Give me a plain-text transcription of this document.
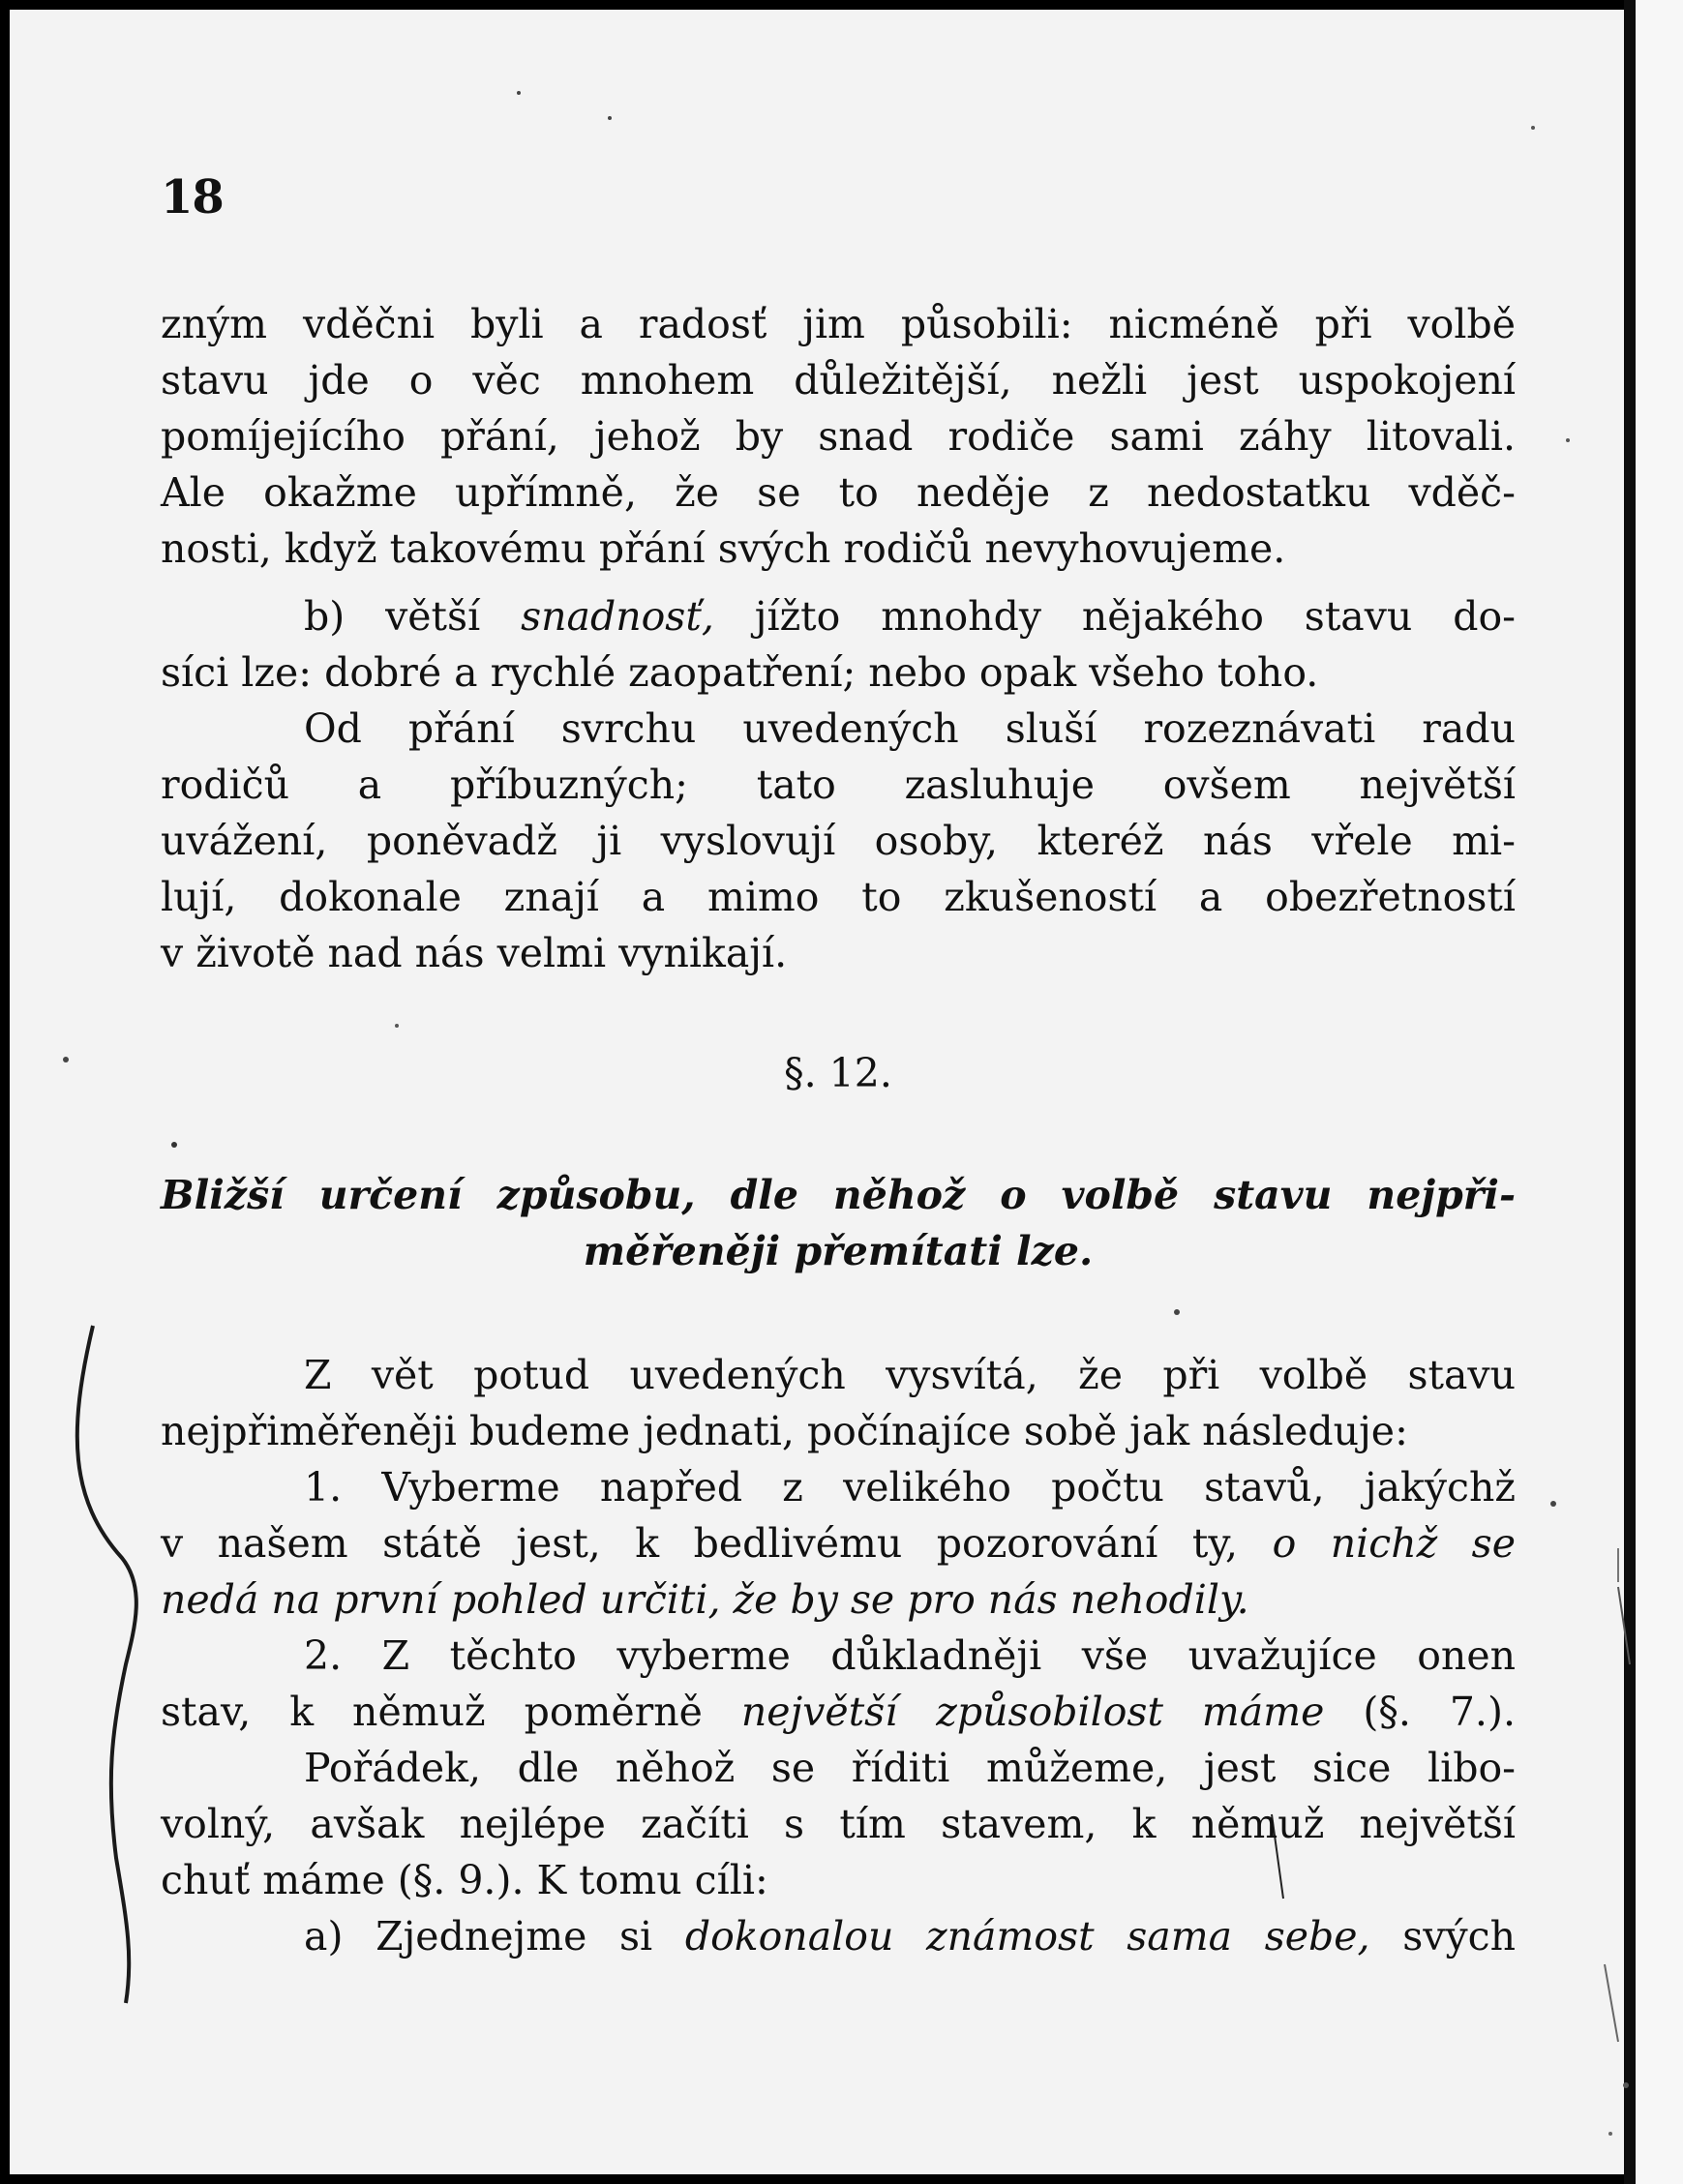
18
zným vděčni byli a radosť jim působili: nicméně při volbě
stavu jde o věc mnohem důležitější, nežli jest uspokojení
pomíjejícího přání, jehož by snad rodiče sami záhy litovali.
Ale okažme upřímně, že se to neděje z nedostatku vděč-
nosti, když takovému přání svých rodičů nevyhovujeme.
b) větší snadnosť, jížto mnohdy nějakého stavu do-
síci lze: dobré a rychlé zaopatření; nebo opak všeho toho.
Od přání svrchu uvedených sluší rozeznávati radu
rodičů a příbuzných; tato zasluhuje ovšem největší
uvážení, poněvadž ji vyslovují osoby, kteréž nás vřele mi-
lují, dokonale znají a mimo to zkušeností a obezřetností
v životě nad nás velmi vynikají.
§. 12.
Bližší určení způsobu, dle něhož o volbě stavu nejpři-
měřeněji přemítati lze.
Z vět potud uvedených vysvítá, že při volbě stavu
nejpřiměřeněji budeme jednati, počínajíce sobě jak následuje:
1. Vyberme napřed z velikého počtu stavů, jakýchž
v našem státě jest, k bedlivému pozorování ty, o nichž se
nedá na první pohled určiti, že by se pro nás nehodily.
2. Z těchto vyberme důkladněji vše uvažujíce onen
stav, k němuž poměrně největší způsobilost máme (§. 7.).
Pořádek, dle něhož se říditi můžeme, jest sice libo-
volný, avšak nejlépe začíti s tím stavem, k němuž největší
chuť máme (§. 9.). K tomu cíli:
a) Zjednejme si dokonalou známost sama sebe, svých
